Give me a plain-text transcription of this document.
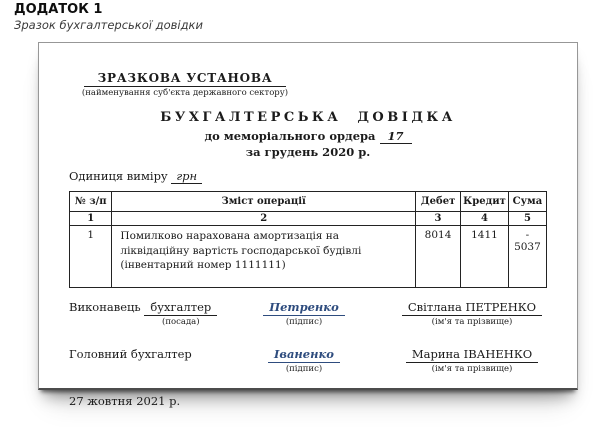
ДОДАТОК 1
Зразок бухгалтерської довідки
ЗРАЗКОВА УСТАНОВА
(найменування суб'єкта державного сектору)
БУХГАЛТЕРСЬКА ДОВІДКА
до меморіального ордера 17
за грудень 2020 р.
Одиниця виміру грн
№ з/п	Зміст операції	Дебет	Кредит	Сума
1	2	3	4	5
1	Помилково нарахована амортизація на ліквідаційну вартість господарської будівлі (інвентарний номер 1111111)	8014	1411	- 5037
Виконавець бухгалтер
(посада)
Петренко
(підпис)
Світлана ПЕТРЕНКО
(ім'я та прізвище)
Головний бухгалтер	Іваненко
(підпис)
Марина ІВАНЕНКО
(ім'я та прізвище)
27 жовтня 2021 р.
